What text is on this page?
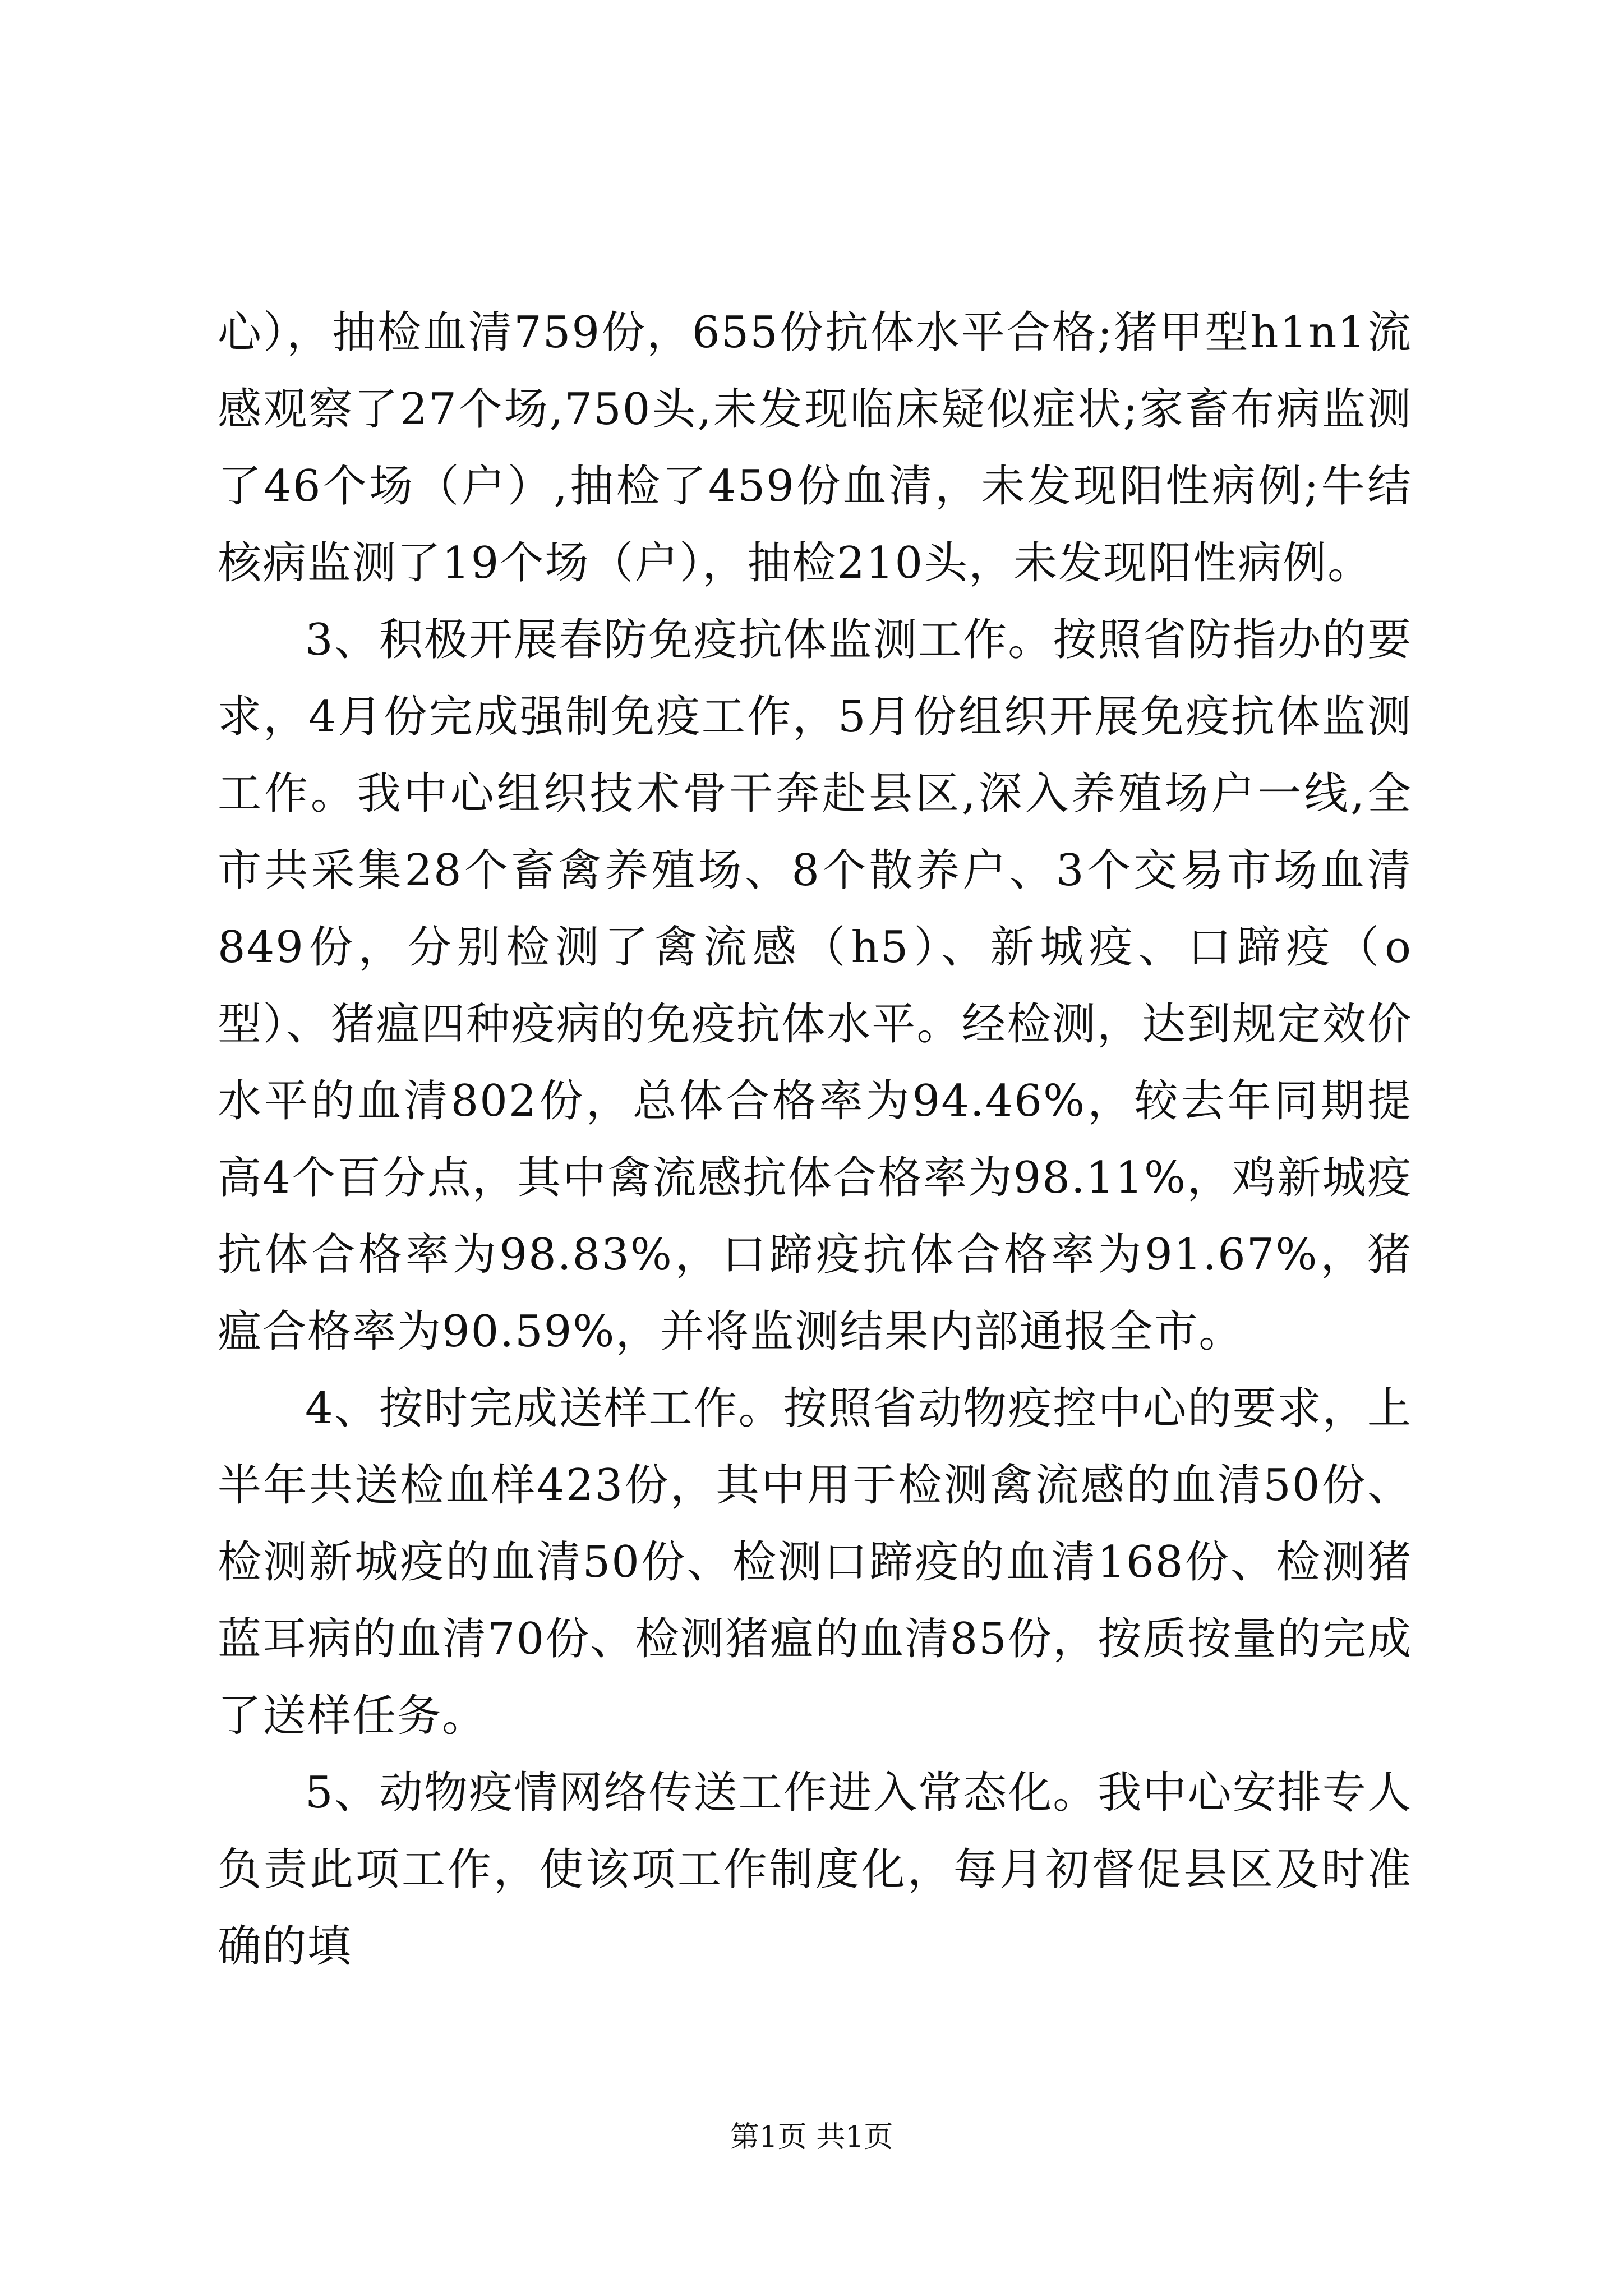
心），抽检血清759份，655份抗体水平合格;猪甲型h1n1流感观察了27个场,750头,未发现临床疑似症状;家畜布病监测了46个场（户）,抽检了459份血清，未发现阳性病例;牛结核病监测了19个场（户），抽检210头，未发现阳性病例。

3、积极开展春防免疫抗体监测工作。按照省防指办的要求，4月份完成强制免疫工作，5月份组织开展免疫抗体监测工作。我中心组织技术骨干奔赴县区,深入养殖场户一线,全市共采集28个畜禽养殖场、8个散养户、3个交易市场血清849份，分别检测了禽流感（h5）、新城疫、口蹄疫（o型）、猪瘟四种疫病的免疫抗体水平。经检测，达到规定效价水平的血清802份，总体合格率为94.46%，较去年同期提高4个百分点，其中禽流感抗体合格率为98.11%，鸡新城疫抗体合格率为98.83%，口蹄疫抗体合格率为91.67%，猪瘟合格率为90.59%，并将监测结果内部通报全市。

4、按时完成送样工作。按照省动物疫控中心的要求，上半年共送检血样423份，其中用于检测禽流感的血清50份、检测新城疫的血清50份、检测口蹄疫的血清168份、检测猪蓝耳病的血清70份、检测猪瘟的血清85份，按质按量的完成了送样任务。

5、动物疫情网络传送工作进入常态化。我中心安排专人负责此项工作，使该项工作制度化，每月初督促县区及时准确的填

第1页 共1页
